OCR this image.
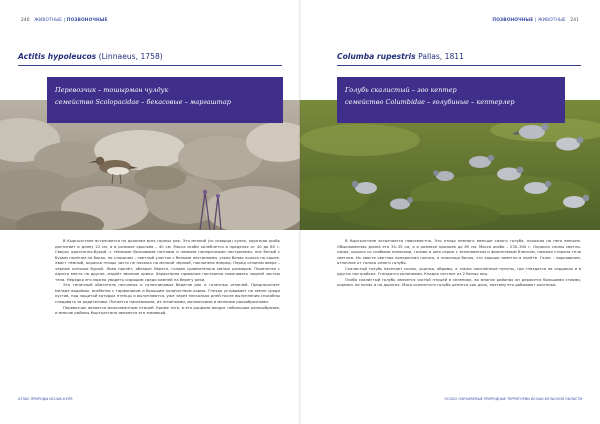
240 ЖИВОТНЫЕ | ПОЗВОНОЧНЫЕ
Actitis hypoleucos (Linnaeus, 1758)
Перевозчик – тошырман чулдук
семейство Scolopacidae – бекасовые – маргаштар

В Кыргызстане встречается по долинам всех горных рек. Это мелкий (со скворца) кулик, короткая особь достигает в длину 22 см, а в размахе крыльев – 40 см. Масса особи колеблется в пределах от 40 до 80 г. Сверху однотонно-бурый, с тёмными бочковыми пятнами и немыми поперечными пестринами, низ белый с бурым налётом на боках, по сторонам – светлый участок с белыми пестринами, узкая белая полоса на крыле. Хвост тёмный, окраска птицы часто не похожа на мелкий чёрный, наклонена вперед. Перед сезоном вверх – чёрные кончики бурый. Ловя пролёт, обходит берега, голова сравнительно малых размеров. Перелетая с одного места на другое, издаёт звонкие крики. Характерна привычка постоянно покачивать задней частью тела. Нередко его можно увидеть сидящим среди камней на берегу реки.

Это типичный обитатель песчаных и галечниковых берегов рек и галечных отмелей. Предпочитает мелкие водоёмы, особенно с торфяником и большим количеством корма. Гнездо устраивает на земле среди кустов, под защитой которых птенцы и вылупляются, уже через несколько дней после вылупления способны следовать за родителями. Питается насекомыми, их личинками, моллюсками и мелкими ракообразными.

Перевозчик является малозаметным птицей. Кроме того, в его рационе входит небольшое разнообразие, и многие районы Кыргызстана являются его зимовкой.

АТЛАС ПРИРОДЫ ИССЫК-КУЛЯ
ПОЗВОНОЧНЫЕ | ЖИВОТНЫЕ 241
Columba rupestris Pallas, 1811
Голубь скалистый – зоо кептер
семейство Columbidae – голубиные – кептерлер

В Кыргызстане встречается повсеместно. Это птица немного меньше сизого голубя, похожая на него внешне. Обыкновенная длина его 34–35 см, а в размахе крыльев до 65 см. Масса особи – 230–300 г. Окраска спины светло-серая, крылья со слабыми полосами, голова и шея серые с зеленоватым и фиолетовым блеском, нижняя сторона тела светлая. На хвосте светлая поперечная полоса, а поясница белая, что хорошо заметно в полёте. Голос – воркование, отличное от голоса сизого голубя.

Скалистый голубь населяет скалы, ущелья, обрывы, а также населённые пункты, где гнездится на чердаках и в других постройках. Гнездится колониями. Кладка состоит из 2 белых яиц.

Особо скалистый голубь является частой птицей в селениях, во многих районах он держится большими стаями, кормясь на полях и на дорогах. Мясо скалистого голубя ценится как дичь, поэтому его добывают охотники.

ОСОБО ОХРАНЯЕМЫЕ ПРИРОДНЫЕ ТЕРРИТОРИИ ИССЫК-КУЛЬСКОЙ ОБЛАСТИ
